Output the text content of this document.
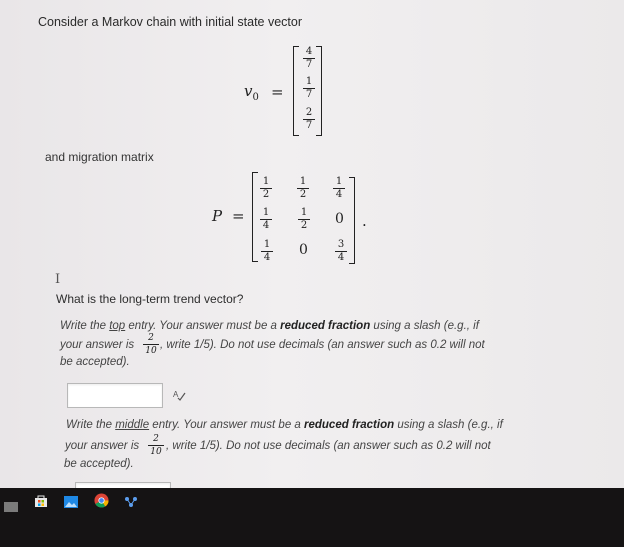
Consider a Markov chain with initial state vector
$v_0$ =
4
7
1
7
2
7
and migration matrix
P =
1
2
1
2
1
4
1
4
1
2 0
1
4 0	3
4
.
I
What is the long-term trend vector?
Write the top entry. Your answer must be a reduced fraction using a slash (e.g., if
your answer is
2
10 , write 1/5). Do not use decimals (an answer such as 0.2 will not
be accepted).
A
Write the middle entry. Your answer must be a reduced fraction using a slash (e.g., if
your answer is
2
10 , write 1/5). Do not use decimals (an answer such as 0.2 will not
be accepted).
